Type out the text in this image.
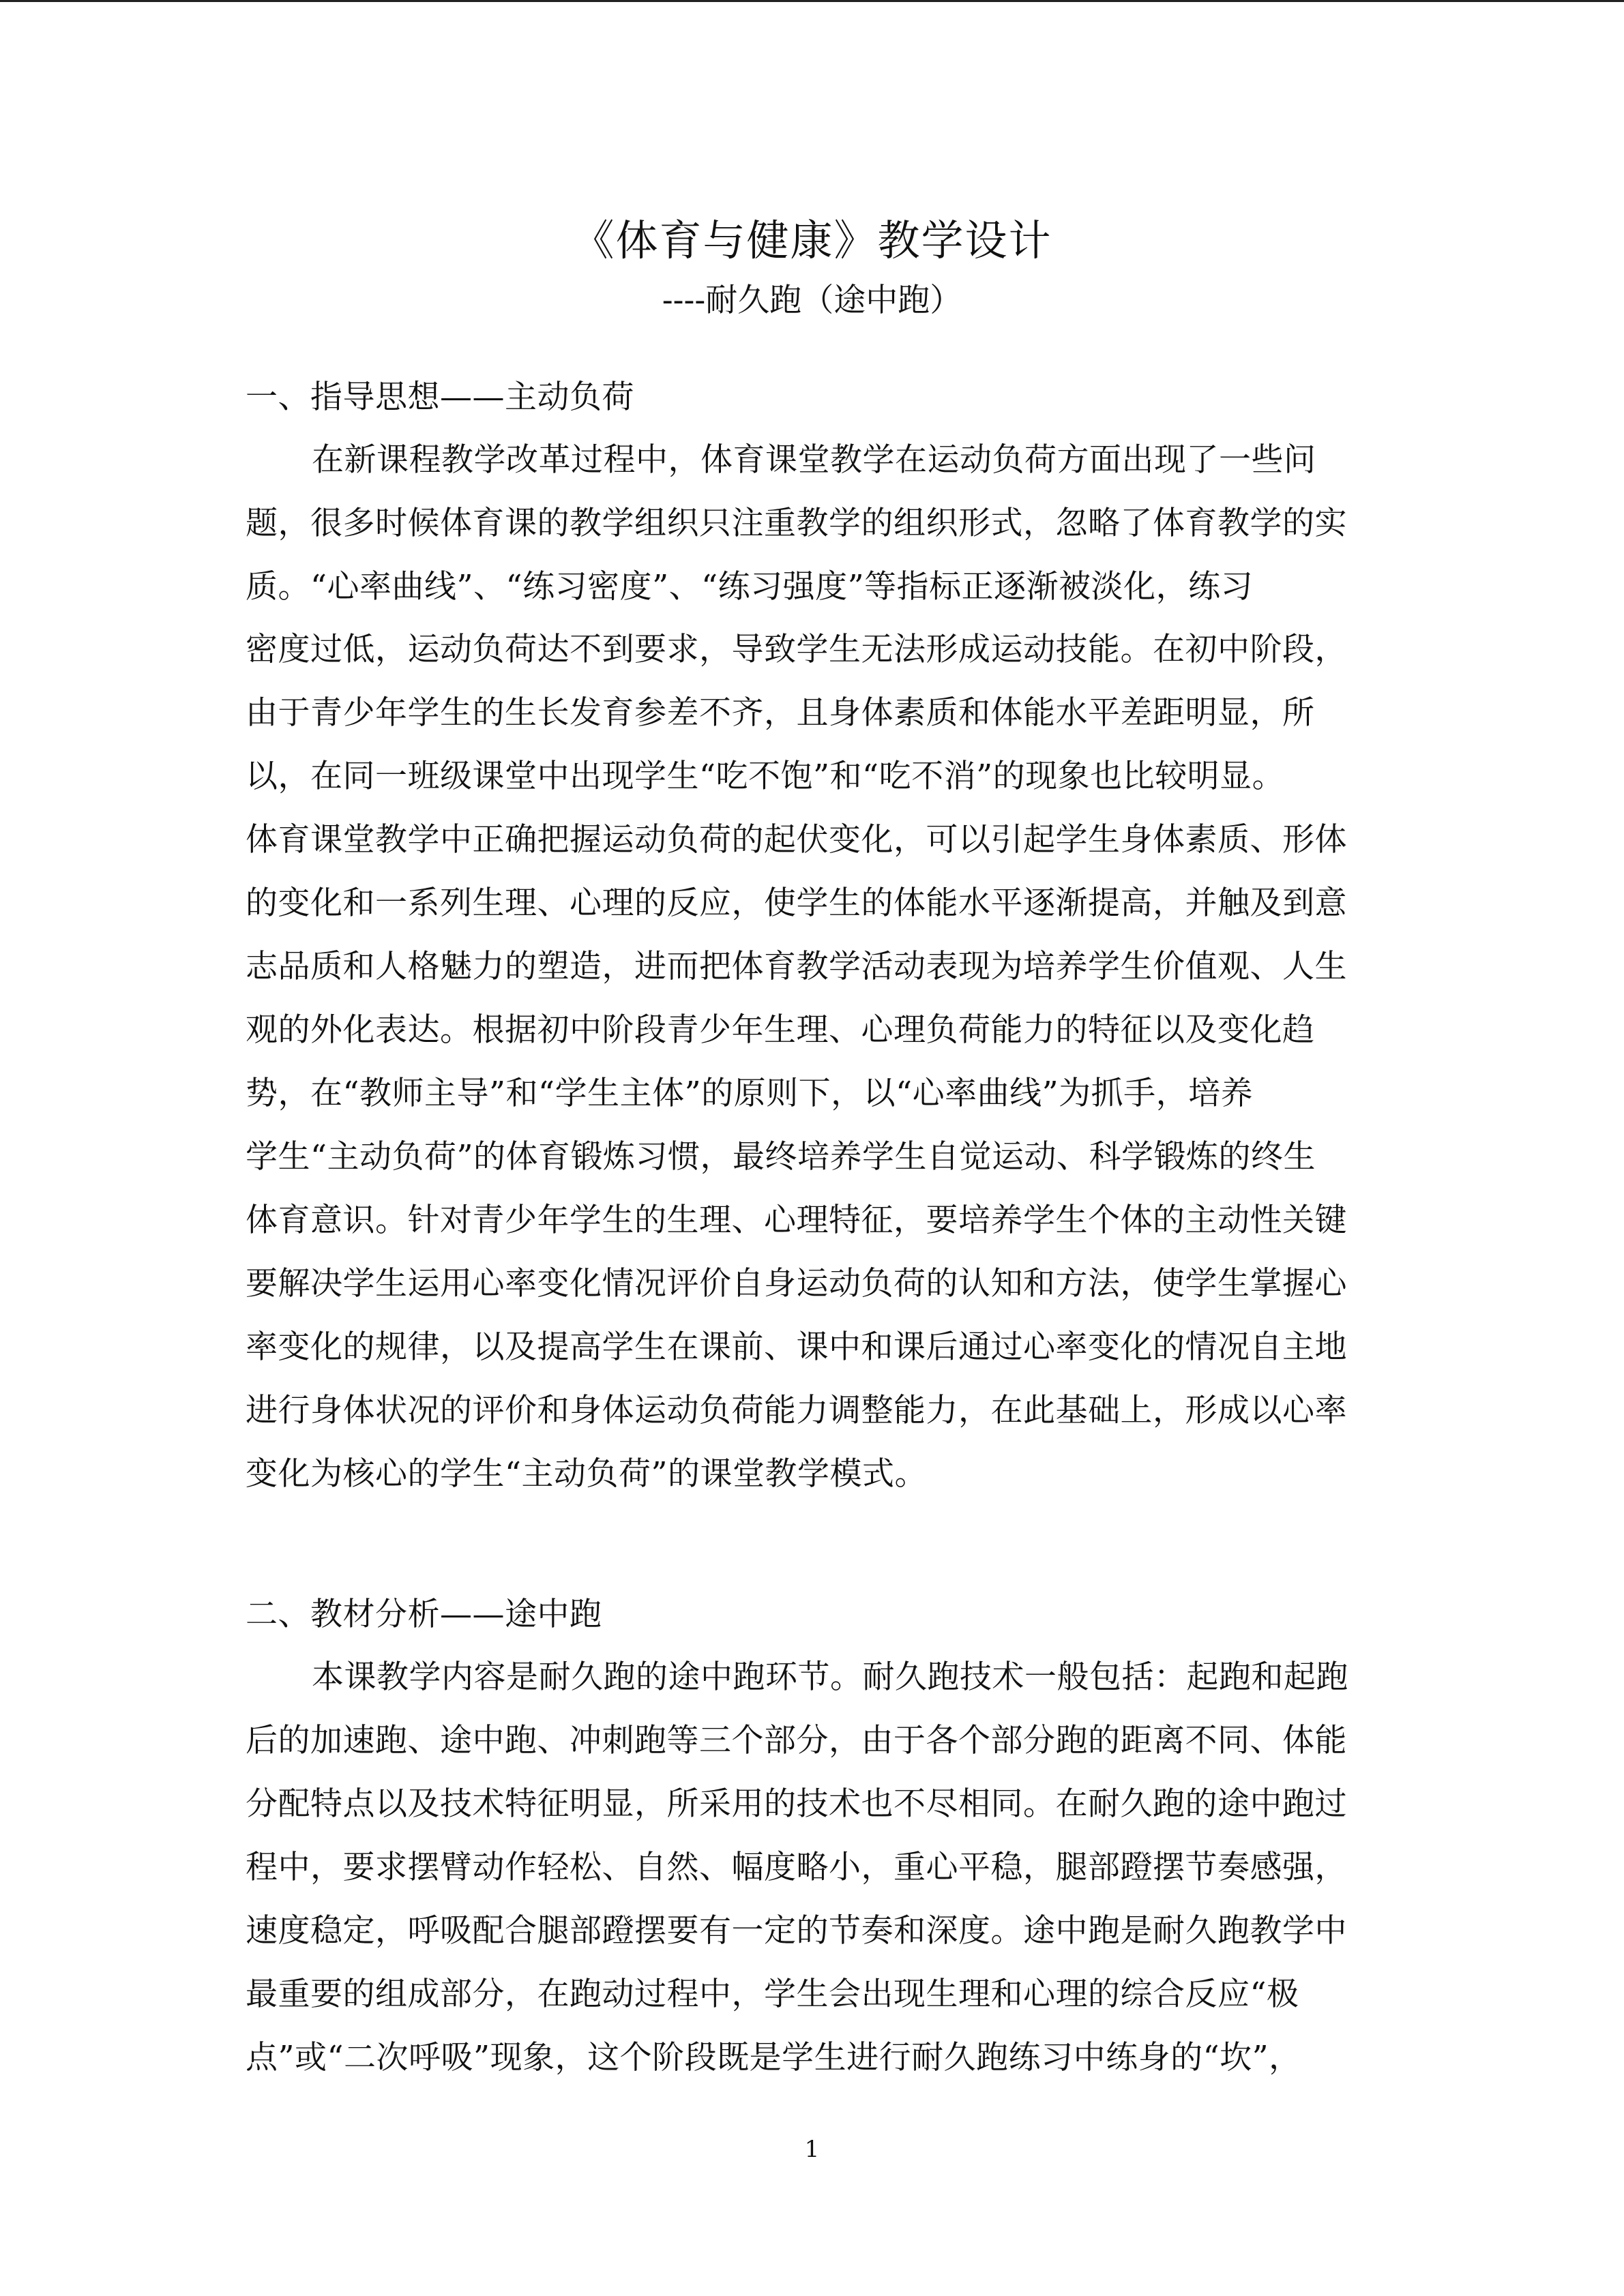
《体育与健康》教学设计
----耐久跑（途中跑）
一、指导思想——主动负荷
在新课程教学改革过程中，体育课堂教学在运动负荷方面出现了一些问
题，很多时候体育课的教学组织只注重教学的组织形式，忽略了体育教学的实
质。“心率曲线”、“练习密度”、“练习强度”等指标正逐渐被淡化，练习
密度过低，运动负荷达不到要求，导致学生无法形成运动技能。在初中阶段，
由于青少年学生的生长发育参差不齐，且身体素质和体能水平差距明显，所
以，在同一班级课堂中出现学生“吃不饱”和“吃不消”的现象也比较明显。
体育课堂教学中正确把握运动负荷的起伏变化，可以引起学生身体素质、形体
的变化和一系列生理、心理的反应，使学生的体能水平逐渐提高，并触及到意
志品质和人格魅力的塑造，进而把体育教学活动表现为培养学生价值观、人生
观的外化表达。根据初中阶段青少年生理、心理负荷能力的特征以及变化趋
势，在“教师主导”和“学生主体”的原则下，以“心率曲线”为抓手，培养
学生“主动负荷”的体育锻炼习惯，最终培养学生自觉运动、科学锻炼的终生
体育意识。针对青少年学生的生理、心理特征，要培养学生个体的主动性关键
要解决学生运用心率变化情况评价自身运动负荷的认知和方法，使学生掌握心
率变化的规律，以及提高学生在课前、课中和课后通过心率变化的情况自主地
进行身体状况的评价和身体运动负荷能力调整能力，在此基础上，形成以心率
变化为核心的学生“主动负荷”的课堂教学模式。
二、教材分析——途中跑
本课教学内容是耐久跑的途中跑环节。耐久跑技术一般包括：起跑和起跑
后的加速跑、途中跑、冲刺跑等三个部分，由于各个部分跑的距离不同、体能
分配特点以及技术特征明显，所采用的技术也不尽相同。在耐久跑的途中跑过
程中，要求摆臂动作轻松、自然、幅度略小，重心平稳，腿部蹬摆节奏感强，
速度稳定，呼吸配合腿部蹬摆要有一定的节奏和深度。途中跑是耐久跑教学中
最重要的组成部分，在跑动过程中，学生会出现生理和心理的综合反应“极
点”或“二次呼吸”现象，这个阶段既是学生进行耐久跑练习中练身的“坎”，
1
